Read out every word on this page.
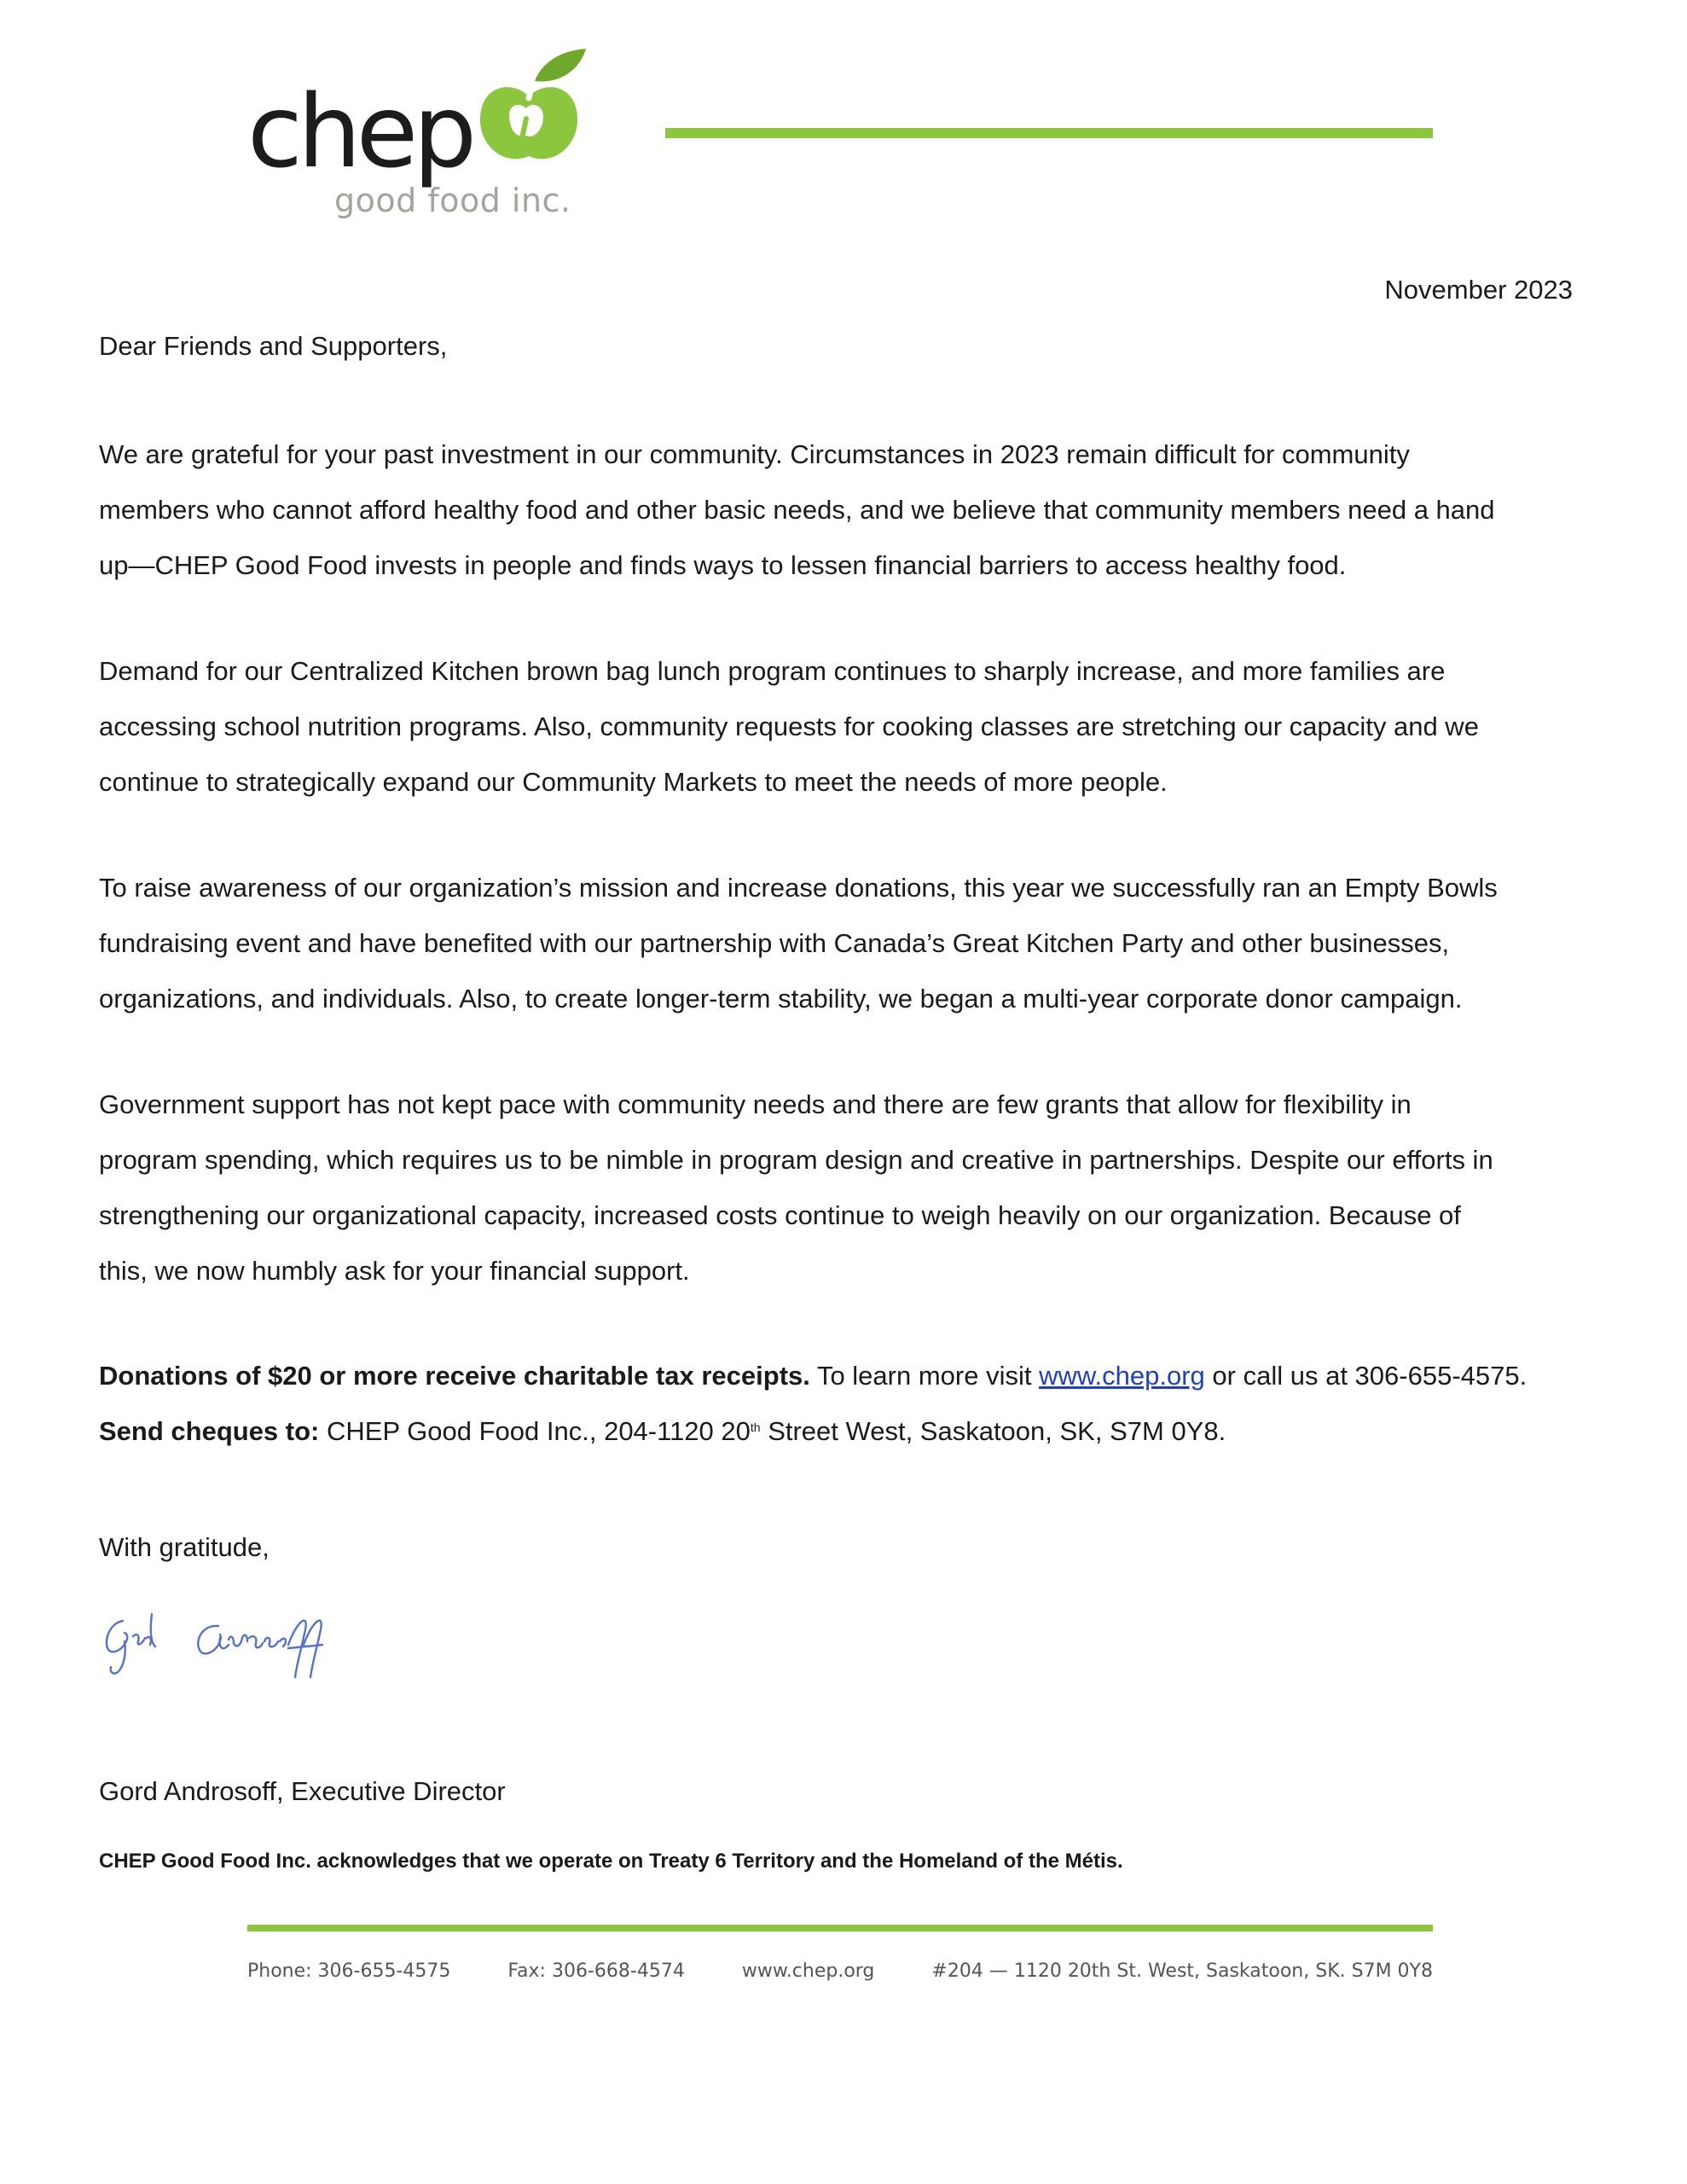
chep
good food inc.
November 2023
Dear Friends and Supporters,
We are grateful for your past investment in our community. Circumstances in 2023 remain difficult for community
members who cannot afford healthy food and other basic needs, and we believe that community members need a hand
up—CHEP Good Food invests in people and finds ways to lessen financial barriers to access healthy food.
Demand for our Centralized Kitchen brown bag lunch program continues to sharply increase, and more families are
accessing school nutrition programs. Also, community requests for cooking classes are stretching our capacity and we
continue to strategically expand our Community Markets to meet the needs of more people.
To raise awareness of our organization’s mission and increase donations, this year we successfully ran an Empty Bowls
fundraising event and have benefited with our partnership with Canada’s Great Kitchen Party and other businesses,
organizations, and individuals. Also, to create longer-term stability, we began a multi-year corporate donor campaign.
Government support has not kept pace with community needs and there are few grants that allow for flexibility in
program spending, which requires us to be nimble in program design and creative in partnerships. Despite our efforts in
strengthening our organizational capacity, increased costs continue to weigh heavily on our organization. Because of
this, we now humbly ask for your financial support.
Donations of $20 or more receive charitable tax receipts. To learn more visit www.chep.org or call us at 306-655-4575.
Send cheques to: CHEP Good Food Inc., 204-1120 20th Street West, Saskatoon, SK, S7M 0Y8.
With gratitude,
Gord Androsoff, Executive Director
CHEP Good Food Inc. acknowledges that we operate on Treaty 6 Territory and the Homeland of the Métis.
Phone: 306-655-4575	Fax: 306-668-4574	www.chep.org	#204 — 1120 20th St. West, Saskatoon, SK. S7M 0Y8
